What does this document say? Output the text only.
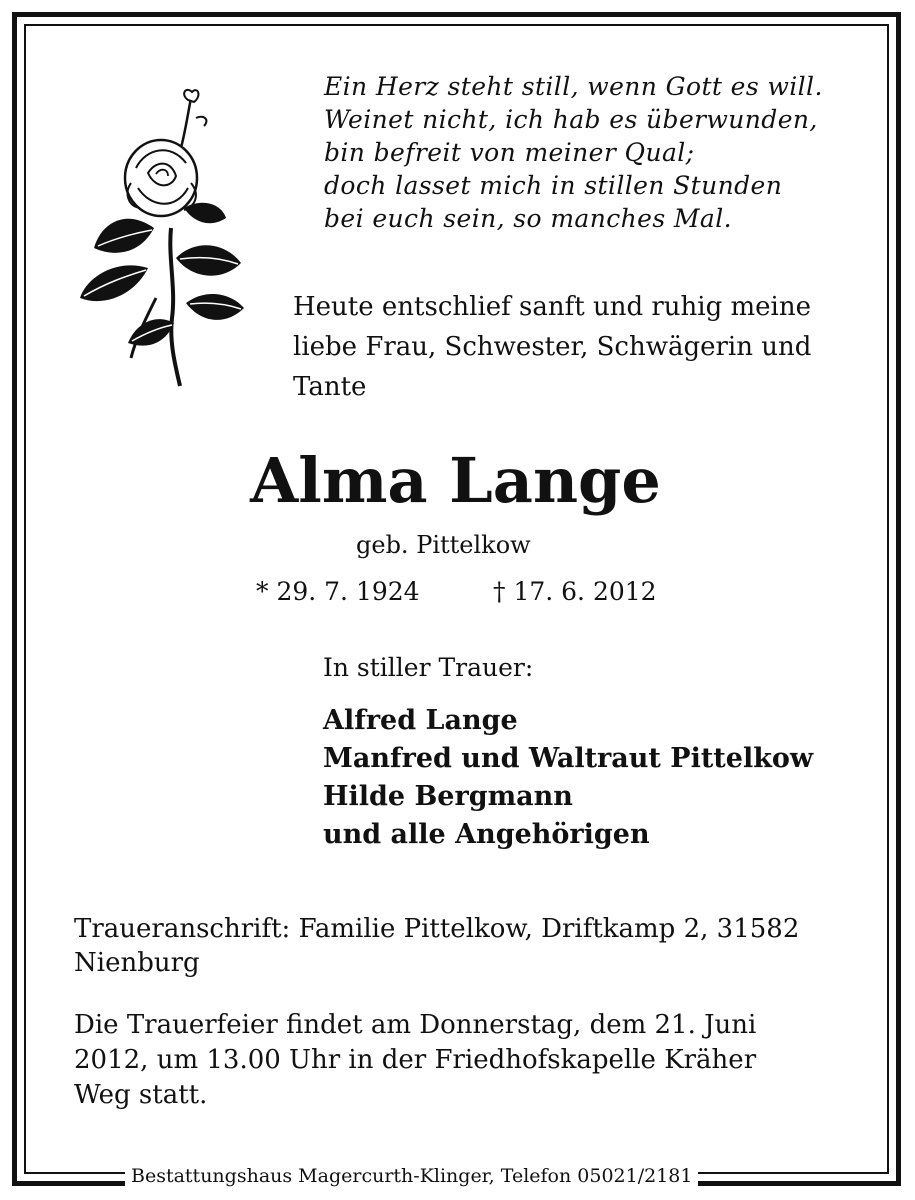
Ein Herz steht still, wenn Gott es will.
Weinet nicht, ich hab es überwunden,
bin befreit von meiner Qual;
doch lasset mich in stillen Stunden
bei euch sein, so manches Mal.
Heute entschlief sanft und ruhig meine
liebe Frau, Schwester, Schwägerin und
Tante
Alma Lange
geb. Pittelkow
* 29. 7. 1924	† 17. 6. 2012
In stiller Trauer:
Alfred Lange
Manfred und Waltraut Pittelkow
Hilde Bergmann
und alle Angehörigen
Traueranschrift: Familie Pittelkow, Driftkamp 2, 31582
Nienburg
Die Trauerfeier findet am Donnerstag, dem 21. Juni
2012, um 13.00 Uhr in der Friedhofskapelle Kräher
Weg statt.
Bestattungshaus Magercurth-Klinger, Telefon 05021/2181
